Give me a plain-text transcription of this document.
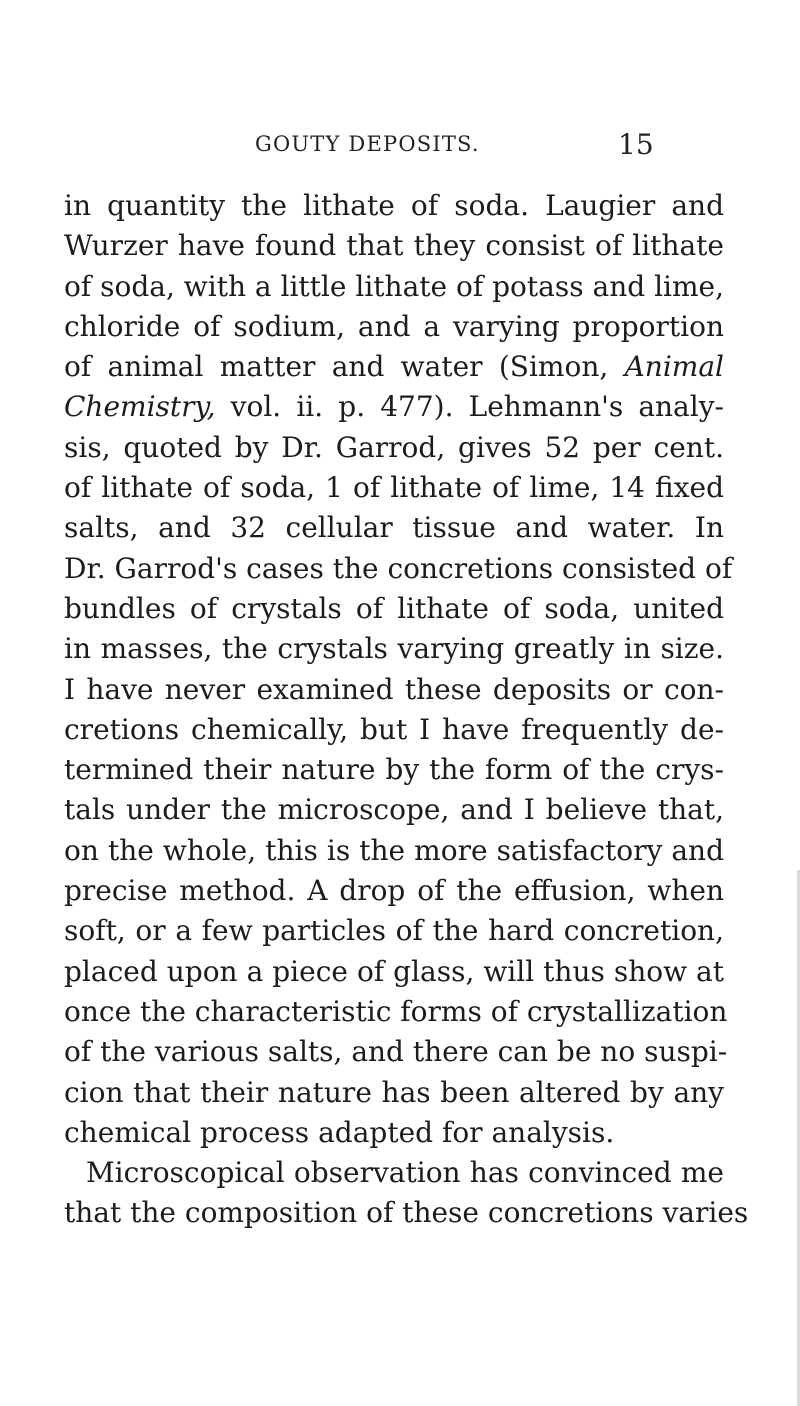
GOUTY DEPOSITS.	15
in quantity the lithate of soda. Laugier and
Wurzer have found that they consist of lithate
of soda, with a little lithate of potass and lime,
chloride of sodium, and a varying proportion
of animal matter and water (Simon, Animal
Chemistry, vol. ii. p. 477). Lehmann's analy-
sis, quoted by Dr. Garrod, gives 52 per cent.
of lithate of soda, 1 of lithate of lime, 14 fixed
salts, and 32 cellular tissue and water. In
Dr. Garrod's cases the concretions consisted of
bundles of crystals of lithate of soda, united
in masses, the crystals varying greatly in size.
I have never examined these deposits or con-
cretions chemically, but I have frequently de-
termined their nature by the form of the crys-
tals under the microscope, and I believe that,
on the whole, this is the more satisfactory and
precise method. A drop of the effusion, when
soft, or a few particles of the hard concretion,
placed upon a piece of glass, will thus show at
once the characteristic forms of crystallization
of the various salts, and there can be no suspi-
cion that their nature has been altered by any
chemical process adapted for analysis.
Microscopical observation has convinced me
that the composition of these concretions varies
